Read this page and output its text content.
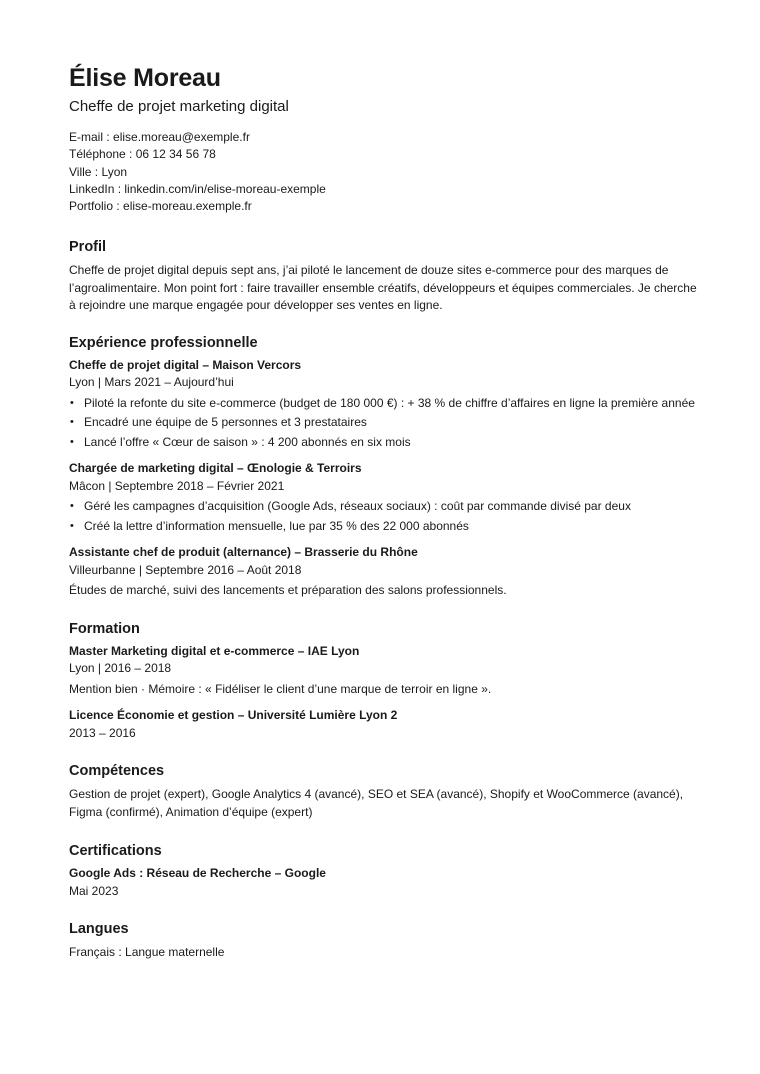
Élise Moreau
Cheffe de projet marketing digital
E-mail : elise.moreau@exemple.fr
Téléphone : 06 12 34 56 78
Ville : Lyon
LinkedIn : linkedin.com/in/elise-moreau-exemple
Portfolio : elise-moreau.exemple.fr
Profil
Cheffe de projet digital depuis sept ans, j’ai piloté le lancement de douze sites e-commerce pour des marques de l’agroalimentaire. Mon point fort : faire travailler ensemble créatifs, développeurs et équipes commerciales. Je cherche à rejoindre une marque engagée pour développer ses ventes en ligne.
Expérience professionnelle
Cheffe de projet digital – Maison Vercors
Lyon | Mars 2021 – Aujourd’hui
• Piloté la refonte du site e-commerce (budget de 180 000 €) : + 38 % de chiffre d’affaires en ligne la première année
• Encadré une équipe de 5 personnes et 3 prestataires
• Lancé l’offre « Cœur de saison » : 4 200 abonnés en six mois
Chargée de marketing digital – Œnologie & Terroirs
Mâcon | Septembre 2018 – Février 2021
• Géré les campagnes d’acquisition (Google Ads, réseaux sociaux) : coût par commande divisé par deux
• Créé la lettre d’information mensuelle, lue par 35 % des 22 000 abonnés
Assistante chef de produit (alternance) – Brasserie du Rhône
Villeurbanne | Septembre 2016 – Août 2018
Études de marché, suivi des lancements et préparation des salons professionnels.
Formation
Master Marketing digital et e-commerce – IAE Lyon
Lyon | 2016 – 2018
Mention bien · Mémoire : « Fidéliser le client d’une marque de terroir en ligne ».
Licence Économie et gestion – Université Lumière Lyon 2
2013 – 2016
Compétences
Gestion de projet (expert), Google Analytics 4 (avancé), SEO et SEA (avancé), Shopify et WooCommerce (avancé), Figma (confirmé), Animation d’équipe (expert)
Certifications
Google Ads : Réseau de Recherche – Google
Mai 2023
Langues
Français : Langue maternelle
